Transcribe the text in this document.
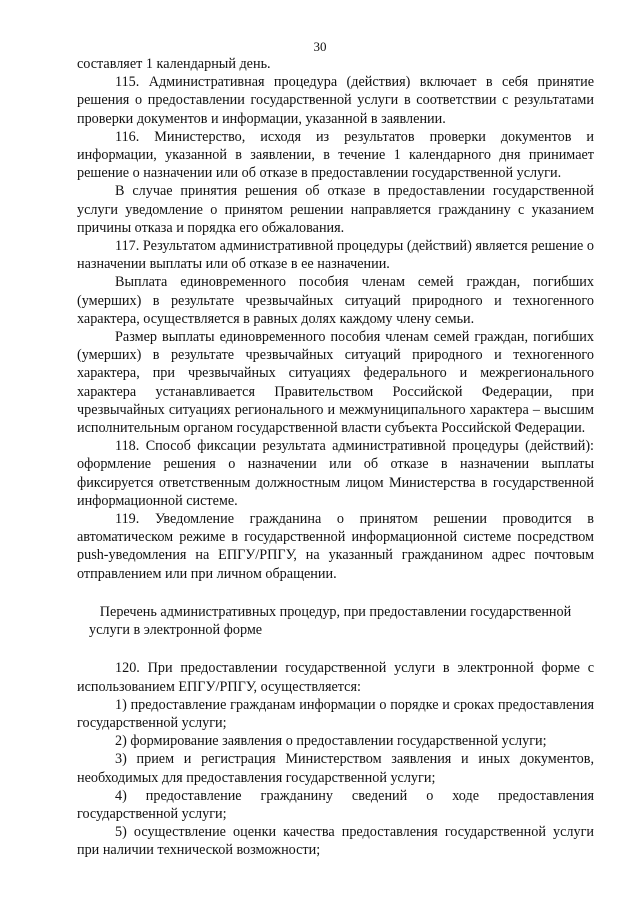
30

составляет 1 календарный день.

115. Административная процедура (действия) включает в себя принятие решения о предоставлении государственной услуги в соответствии с результатами проверки документов и информации, указанной в заявлении.

116. Министерство, исходя из результатов проверки документов и информации, указанной в заявлении, в течение 1 календарного дня принимает решение о назначении или об отказе в предоставлении государственной услуги.

В случае принятия решения об отказе в предоставлении государственной услуги уведомление о принятом решении направляется гражданину с указанием причины отказа и порядка его обжалования.

117. Результатом административной процедуры (действий) является решение о назначении выплаты или об отказе в ее назначении.

Выплата единовременного пособия членам семей граждан, погибших (умерших) в результате чрезвычайных ситуаций природного и техногенного характера, осуществляется в равных долях каждому члену семьи.

Размер выплаты единовременного пособия членам семей граждан, погибших (умерших) в результате чрезвычайных ситуаций природного и техногенного характера, при чрезвычайных ситуациях федерального и межрегионального характера устанавливается Правительством Российской Федерации, при чрезвычайных ситуациях регионального и межмуниципального характера – высшим исполнительным органом государственной власти субъекта Российской Федерации.

118. Способ фиксации результата административной процедуры (действий): оформление решения о назначении или об отказе в назначении выплаты фиксируется ответственным должностным лицом Министерства в государственной информационной системе.

119. Уведомление гражданина о принятом решении проводится в автоматическом режиме в государственной информационной системе посредством push-уведомления на ЕПГУ/РПГУ, на указанный гражданином адрес почтовым отправлением или при личном обращении.

Перечень административных процедур, при предоставлении государственной услуги в электронной форме

120. При предоставлении государственной услуги в электронной форме с использованием ЕПГУ/РПГУ, осуществляется:

1) предоставление гражданам информации о порядке и сроках предоставления государственной услуги;

2) формирование заявления о предоставлении государственной услуги;

3) прием и регистрация Министерством заявления и иных документов, необходимых для предоставления государственной услуги;

4) предоставление гражданину сведений о ходе предоставления государственной услуги;

5) осуществление оценки качества предоставления государственной услуги при наличии технической возможности;
